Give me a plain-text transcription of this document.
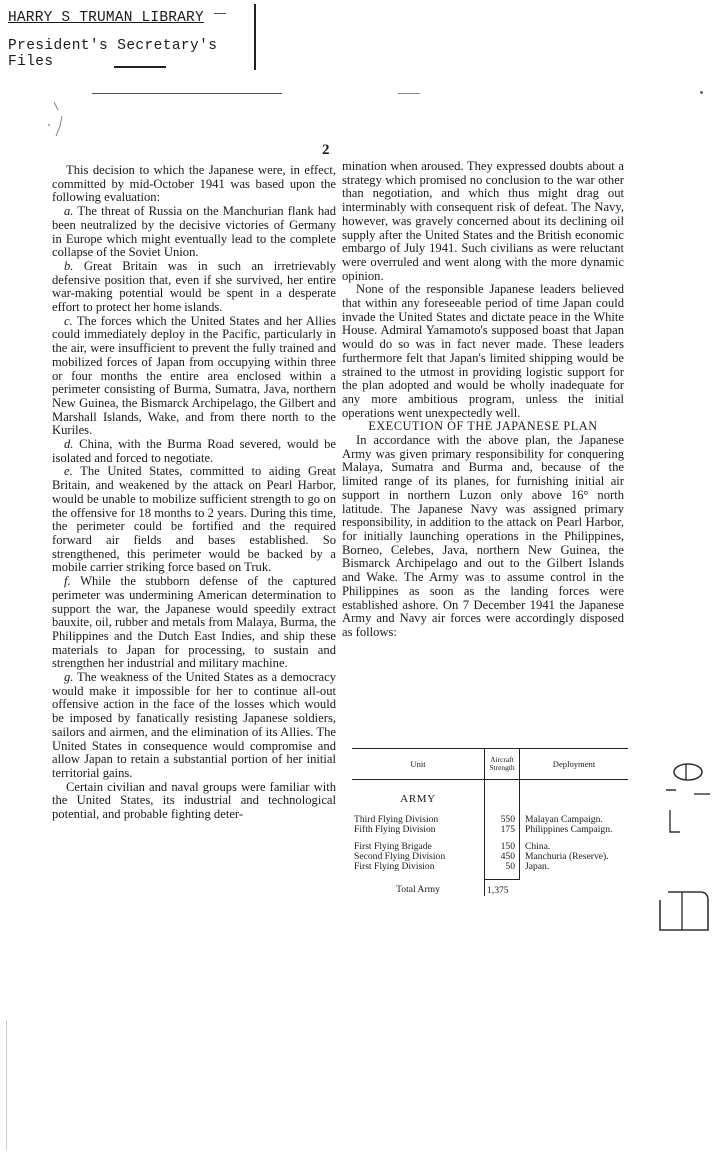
HARRY S TRUMAN LIBRARY
President's Secretary's Files
2

This decision to which the Japanese were, in effect, committed by mid-October 1941 was based upon the following evaluation:

a. The threat of Russia on the Manchurian flank had been neutralized by the decisive victories of Germany in Europe which might eventually lead to the complete collapse of the Soviet Union.

b. Great Britain was in such an irretrievably defensive position that, even if she survived, her entire war-making potential would be spent in a desperate effort to protect her home islands.

c. The forces which the United States and her Allies could immediately deploy in the Pacific, particularly in the air, were insufficient to prevent the fully trained and mobilized forces of Japan from occupying within three or four months the entire area enclosed within a perimeter consisting of Burma, Sumatra, Java, northern New Guinea, the Bismarck Archipelago, the Gilbert and Marshall Islands, Wake, and from there north to the Kuriles.

d. China, with the Burma Road severed, would be isolated and forced to negotiate.

e. The United States, committed to aiding Great Britain, and weakened by the attack on Pearl Harbor, would be unable to mobilize sufficient strength to go on the offensive for 18 months to 2 years. During this time, the perimeter could be fortified and the required forward air fields and bases established. So strengthened, this perimeter would be backed by a mobile carrier striking force based on Truk.

f. While the stubborn defense of the captured perimeter was undermining American determination to support the war, the Japanese would speedily extract bauxite, oil, rubber and metals from Malaya, Burma, the Philippines and the Dutch East Indies, and ship these materials to Japan for processing, to sustain and strengthen her industrial and military machine.

g. The weakness of the United States as a democracy would make it impossible for her to continue all-out offensive action in the face of the losses which would be imposed by fanatically resisting Japanese soldiers, sailors and airmen, and the elimination of its Allies. The United States in consequence would compromise and allow Japan to retain a substantial portion of her initial territorial gains.

Certain civilian and naval groups were familiar with the United States, its industrial and technological potential, and probable fighting deter-

mination when aroused. They expressed doubts about a strategy which promised no conclusion to the war other than negotiation, and which thus might drag out interminably with consequent risk of defeat. The Navy, however, was gravely concerned about its declining oil supply after the United States and the British economic embargo of July 1941. Such civilians as were reluctant were overruled and went along with the more dynamic opinion.

None of the responsible Japanese leaders believed that within any foreseeable period of time Japan could invade the United States and dictate peace in the White House. Admiral Yamamoto's supposed boast that Japan would do so was in fact never made. These leaders furthermore felt that Japan's limited shipping would be strained to the utmost in providing logistic support for the plan adopted and would be wholly inadequate for any more ambitious program, unless the initial operations went unexpectedly well.

EXECUTION OF THE JAPANESE PLAN

In accordance with the above plan, the Japanese Army was given primary responsibility for conquering Malaya, Sumatra and Burma and, because of the limited range of its planes, for furnishing initial air support in northern Luzon only above 16° north latitude. The Japanese Navy was assigned primary responsibility, in addition to the attack on Pearl Harbor, for initially launching operations in the Philippines, Borneo, Celebes, Java, northern New Guinea, the Bismarck Archipelago and out to the Gilbert Islands and Wake. The Army was to assume control in the Philippines as soon as the landing forces were established ashore. On 7 December 1941 the Japanese Army and Navy air forces were accordingly disposed as follows:

Unit	Aircraft Strength	Deployment
ARMY		
Third Flying Division	550	Malayan Campaign.
Fifth Flying Division	175	Philippines Campaign.

First Flying Brigade	150	China.
Second Flying Division	450	Manchuria (Reserve).
First Flying Division	50	Japan.

Total Army	1,375	
